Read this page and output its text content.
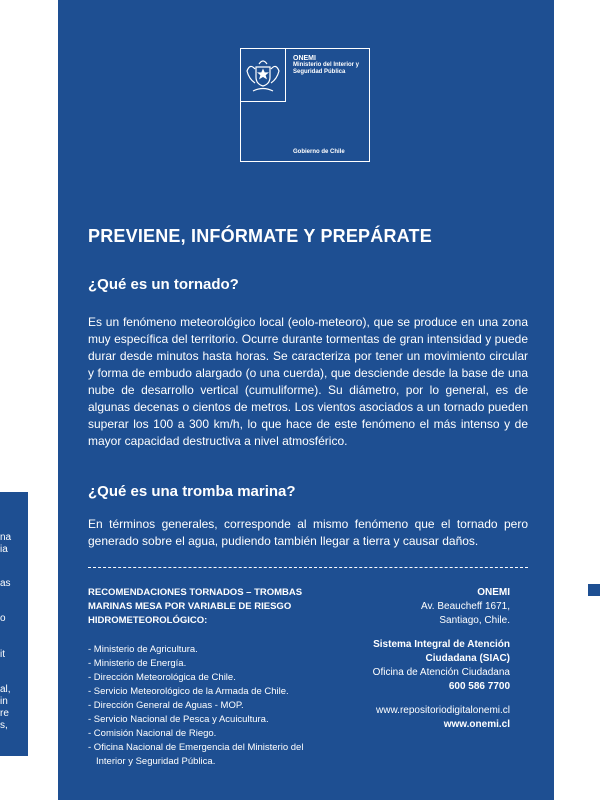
na
ia
as
o
it
al,
in
re
s,
ONEMI
Ministerio del Interior y Seguridad Pública
Gobierno de Chile
PREVIENE, INFÓRMATE Y PREPÁRATE
¿Qué es un tornado?
Es un fenómeno meteorológico local (eolo-meteoro), que se produce en una zona muy específica del territorio. Ocurre durante tormentas de gran intensidad y puede durar desde minutos hasta horas. Se caracteriza por tener un movimiento circular y forma de embudo alargado (o una cuerda), que desciende desde la base de una nube de desarrollo vertical (cumuliforme). Su diámetro, por lo general, es de algunas decenas o cientos de metros. Los vientos asociados a un tornado pueden superar los 100 a 300 km/h, lo que hace de este fenómeno el más intenso y de mayor capacidad destructiva a nivel atmosférico.
¿Qué es una tromba marina?
En términos generales, corresponde al mismo fenómeno que el tornado pero generado sobre el agua, pudiendo también llegar a tierra y causar daños.
RECOMENDACIONES TORNADOS – TROMBAS MARINAS MESA POR VARIABLE DE RIESGO HIDROMETEOROLÓGICO:
- Ministerio de Agricultura.
- Ministerio de Energía.
- Dirección Meteorológica de Chile.
- Servicio Meteorológico de la Armada de Chile.
- Dirección General de Aguas - MOP.
- Servicio Nacional de Pesca y Acuicultura.
- Comisión Nacional de Riego.
- Oficina Nacional de Emergencia del Ministerio del
Interior y Seguridad Pública.
ONEMI
Av. Beaucheff 1671,
Santiago, Chile.
Sistema Integral de Atención
Ciudadana (SIAC)
Oficina de Atención Ciudadana
600 586 7700
www.repositoriodigitalonemi.cl
www.onemi.cl
